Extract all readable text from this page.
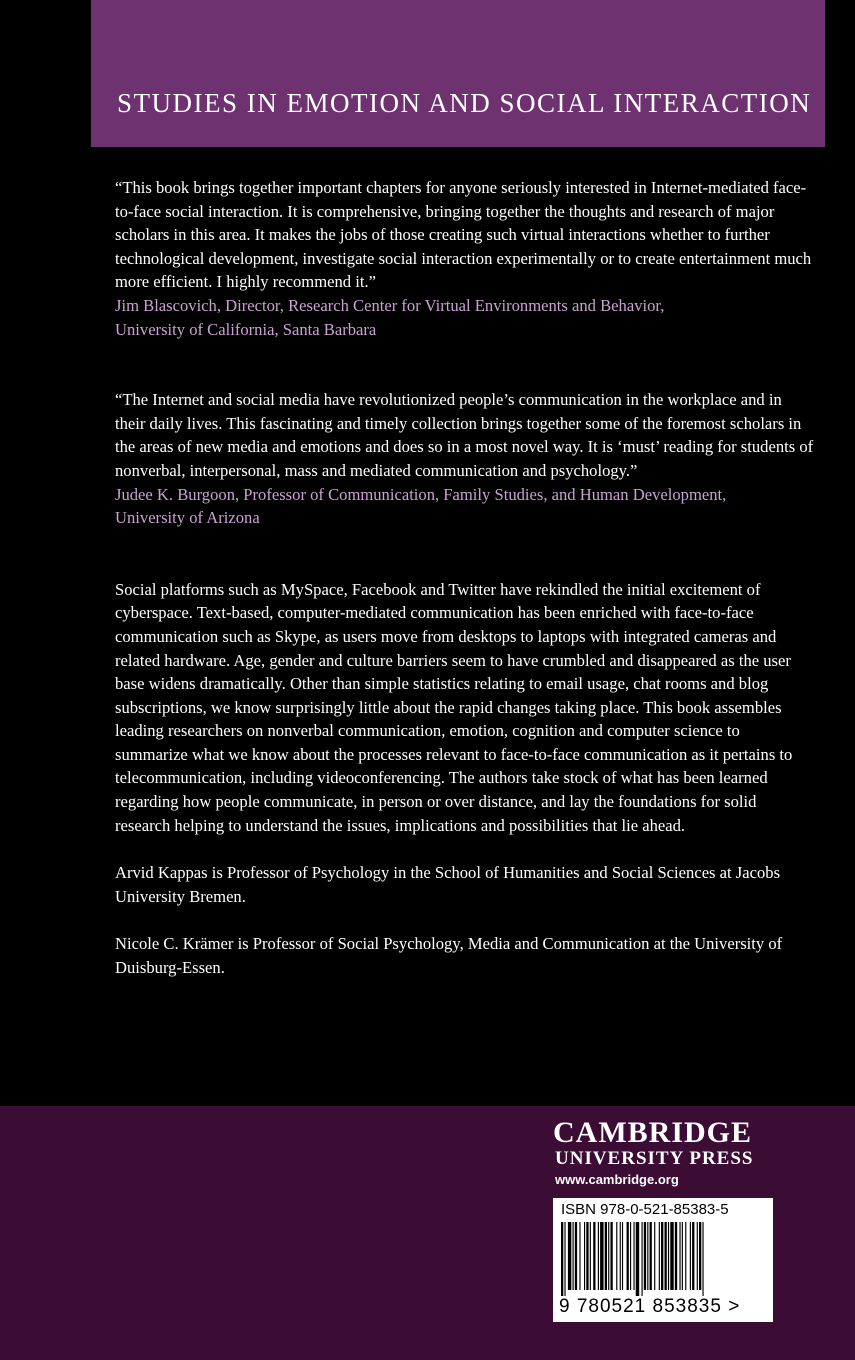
STUDIES IN EMOTION AND SOCIAL INTERACTION

“This book brings together important chapters for anyone seriously interested in Internet-mediated face-to-face social interaction. It is comprehensive, bringing together the thoughts and research of major scholars in this area. It makes the jobs of those creating such virtual interactions whether to further technological development, investigate social interaction experimentally or to create entertainment much more efficient. I highly recommend it.”

Jim Blascovich, Director, Research Center for Virtual Environments and Behavior,

University of California, Santa Barbara

“The Internet and social media have revolutionized people’s communication in the workplace and in their daily lives. This fascinating and timely collection brings together some of the foremost scholars in the areas of new media and emotions and does so in a most novel way. It is ‘must’ reading for students of nonverbal, interpersonal, mass and mediated communication and psychology.”

Judee K. Burgoon, Professor of Communication, Family Studies, and Human Development,

University of Arizona

Social platforms such as MySpace, Facebook and Twitter have rekindled the initial excitement of cyberspace. Text-based, computer-mediated communication has been enriched with face-to-face communication such as Skype, as users move from desktops to laptops with integrated cameras and related hardware. Age, gender and culture barriers seem to have crumbled and disappeared as the user base widens dramatically. Other than simple statistics relating to email usage, chat rooms and blog subscriptions, we know surprisingly little about the rapid changes taking place. This book assembles leading researchers on nonverbal communication, emotion, cognition and computer science to summarize what we know about the processes relevant to face-to-face communication as it pertains to telecommunication, including videoconferencing. The authors take stock of what has been learned regarding how people communicate, in person or over distance, and lay the foundations for solid research helping to understand the issues, implications and possibilities that lie ahead.

Arvid Kappas is Professor of Psychology in the School of Humanities and Social Sciences at Jacobs University Bremen.

Nicole C. Krämer is Professor of Social Psychology, Media and Communication at the University of Duisburg-Essen.

CAMBRIDGE

UNIVERSITY PRESS

www.cambridge.org

ISBN 978-0-521-85383-5

9 780521 853835 >
